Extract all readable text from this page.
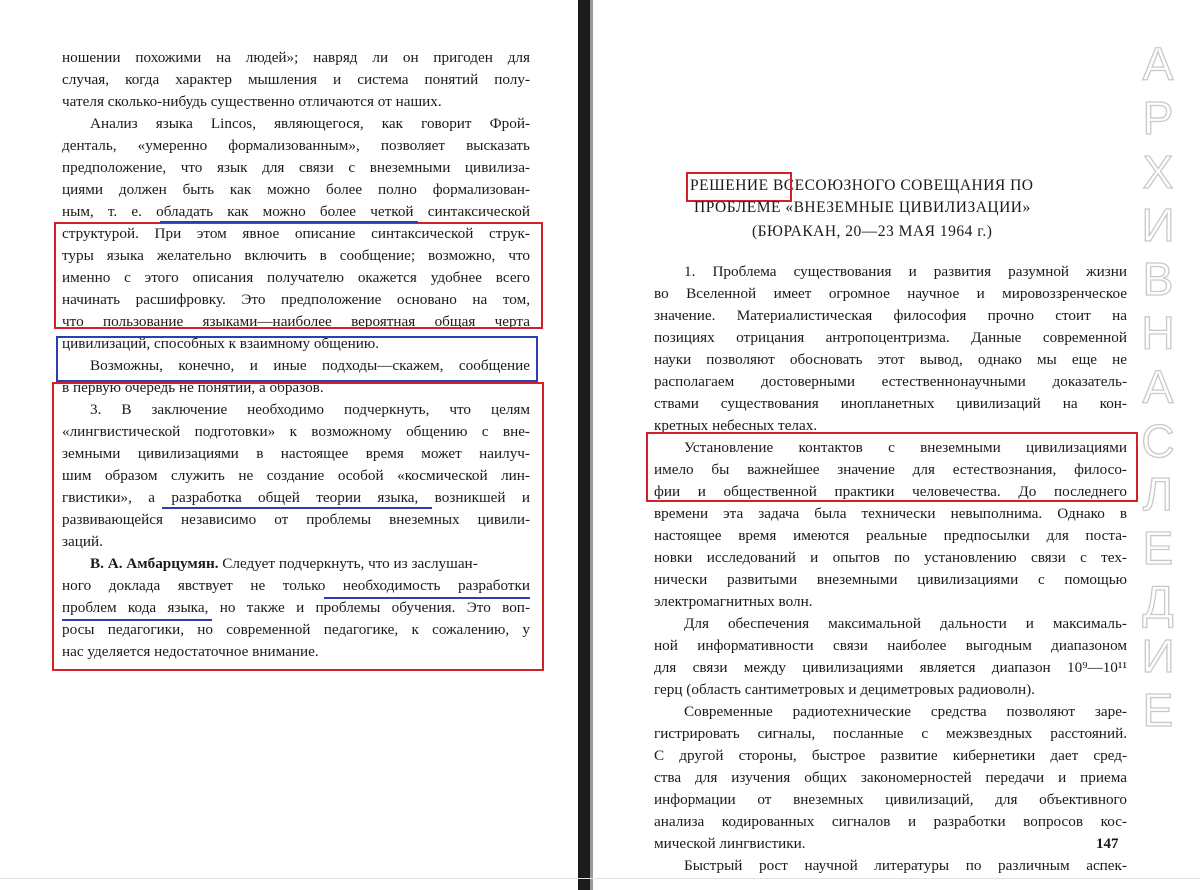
ношении похожими на людей»; навряд ли он пригоден для

случая, когда характер мышления и система понятий полу-

чателя сколько-нибудь существенно отличаются от наших.

Анализ языка Lincos, являющегося, как говорит Фрой-

денталь, «умеренно формализованным», позволяет высказать

предположение, что язык для связи с внеземными цивилиза-

циями должен быть как можно более полно формализован-

ным, т. е. обладать как можно более четкой синтаксической

структурой. При этом явное описание синтаксической струк-

туры языка желательно включить в сообщение; возможно, что

именно с этого описания получателю окажется удобнее всего

начинать расшифровку. Это предположение основано на том,

что пользование языками—наиболее вероятная общая черта

цивилизаций, способных к взаимному общению.

Возможны, конечно, и иные подходы—скажем, сообщение

в первую очередь не понятий, а образов.

3. В заключение необходимо подчеркнуть, что целям

«лингвистической подготовки» к возможному общению с вне-

земными цивилизациями в настоящее время может наилуч-

шим образом служить не создание особой «космической лин-

гвистики», а разработка общей теории языка, возникшей и

развивающейся независимо от проблемы внеземных цивили-

заций.

В. А. Амбарцумян. Следует подчеркнуть, что из заслушан-

ного доклада явствует не только необходимость разработки

проблем кода языка, но также и проблемы обучения. Это воп-

росы педагогики, но современной педагогике, к сожалению, у

нас уделяется недостаточное внимание.

РЕШЕНИЕ ВСЕСОЮЗНОГО СОВЕЩАНИЯ ПО
ПРОБЛЕМЕ «ВНЕЗЕМНЫЕ ЦИВИЛИЗАЦИИ»
(БЮРАКАН, 20—23 МАЯ 1964 г.)

1. Проблема существования и развития разумной жизни

во Вселенной имеет огромное научное и мировоззренческое

значение. Материалистическая философия прочно стоит на

позициях отрицания антропоцентризма. Данные современной

науки позволяют обосновать этот вывод, однако мы еще не

располагаем достоверными естественнонаучными доказатель-

ствами существования инопланетных цивилизаций на кон-

кретных небесных телах.

Установление контактов с внеземными цивилизациями

имело бы важнейшее значение для естествознания, филосо-

фии и общественной практики человечества. До последнего

времени эта задача была технически невыполнима. Однако в

настоящее время имеются реальные предпосылки для поста-

новки исследований и опытов по установлению связи с тех-

нически развитыми внеземными цивилизациями с помощью

электромагнитных волн.

Для обеспечения максимальной дальности и максималь-

ной информативности связи наиболее выгодным диапазоном

для связи между цивилизациями является диапазон 10⁹—10¹¹

герц (область сантиметровых и дециметровых радиоволн).

Современные радиотехнические средства позволяют заре-

гистрировать сигналы, посланные с межзвездных расстояний.

С другой стороны, быстрое развитие кибернетики дает сред-

ства для изучения общих закономерностей передачи и приема

информации от внеземных цивилизаций, для объективного

анализа кодированных сигналов и разработки вопросов кос-

мической лингвистики.

Быстрый рост научной литературы по различным аспек-

147
А
Р
Х
И
В
Н
А
С
Л
Е
Д
И
Е
